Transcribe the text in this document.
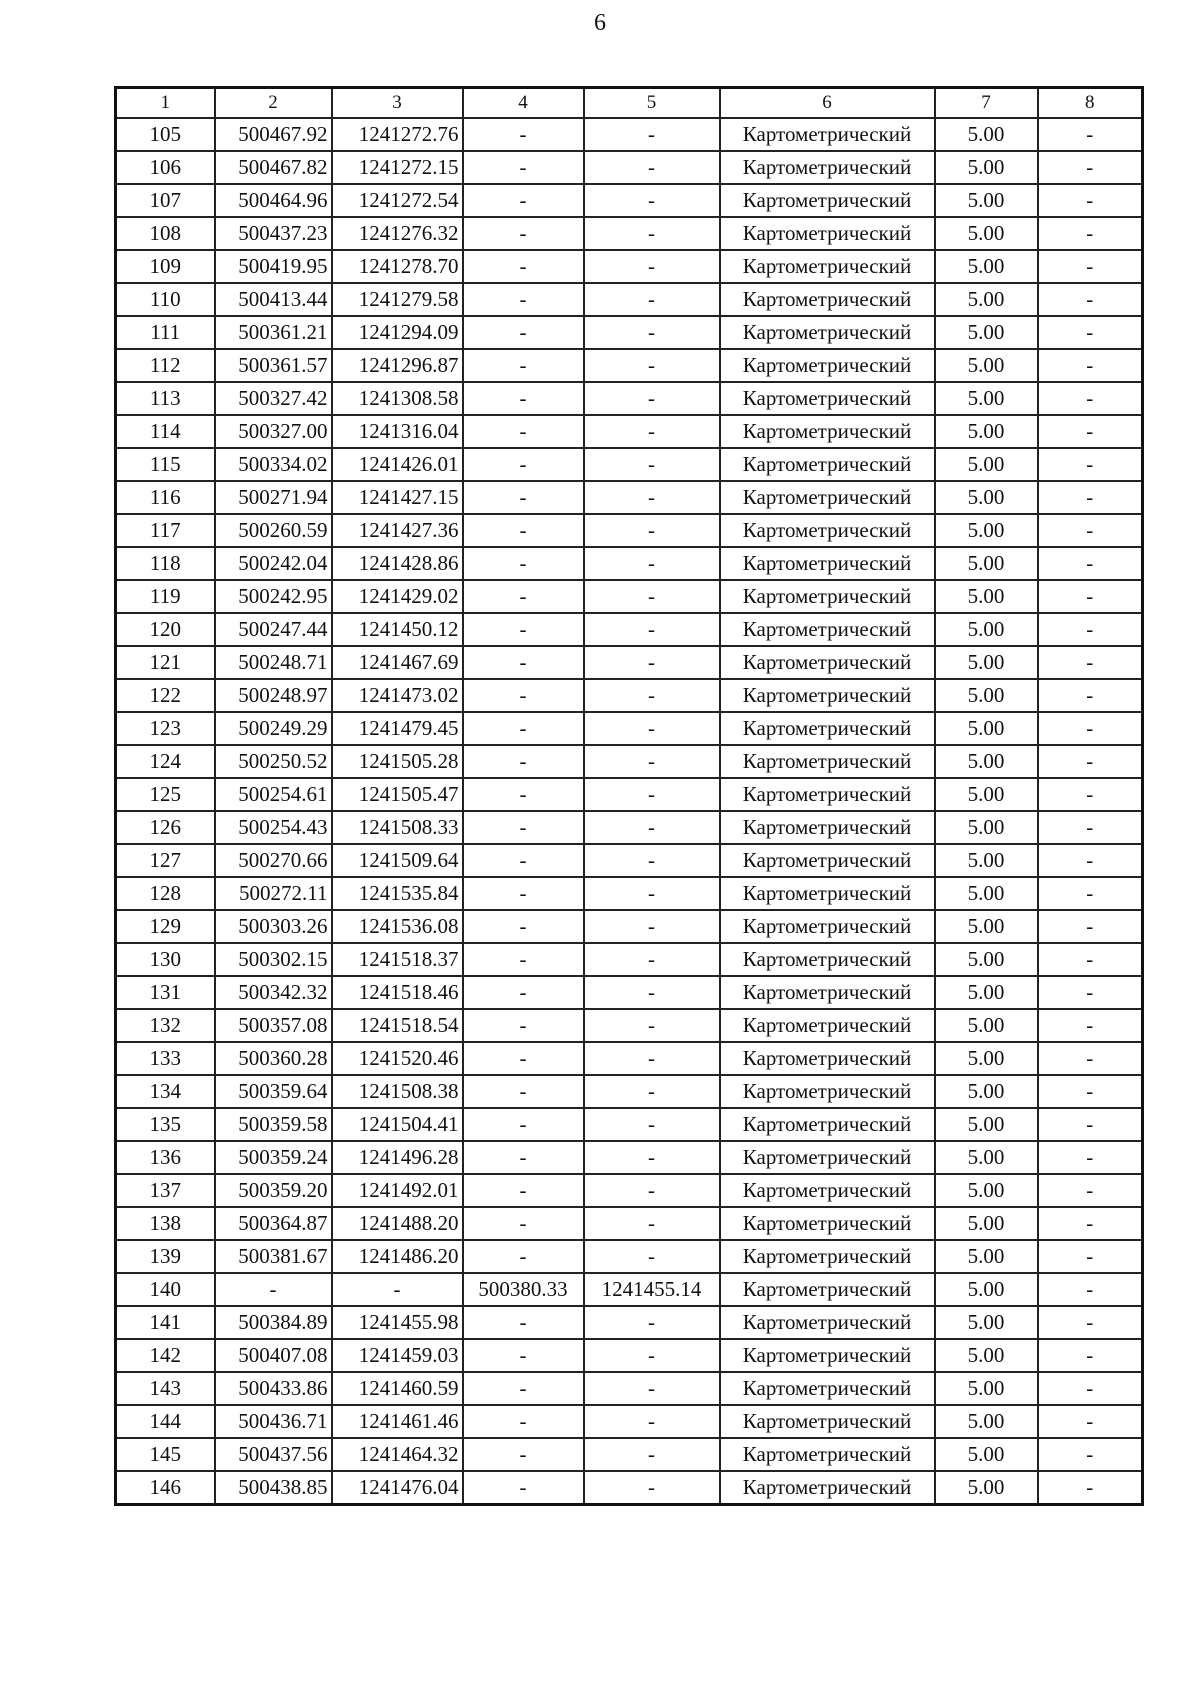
6
1	2	3	4	5	6	7	8
105	500467.92	1241272.76	-	-	Картометрический	5.00	-
106	500467.82	1241272.15	-	-	Картометрический	5.00	-
107	500464.96	1241272.54	-	-	Картометрический	5.00	-
108	500437.23	1241276.32	-	-	Картометрический	5.00	-
109	500419.95	1241278.70	-	-	Картометрический	5.00	-
110	500413.44	1241279.58	-	-	Картометрический	5.00	-
111	500361.21	1241294.09	-	-	Картометрический	5.00	-
112	500361.57	1241296.87	-	-	Картометрический	5.00	-
113	500327.42	1241308.58	-	-	Картометрический	5.00	-
114	500327.00	1241316.04	-	-	Картометрический	5.00	-
115	500334.02	1241426.01	-	-	Картометрический	5.00	-
116	500271.94	1241427.15	-	-	Картометрический	5.00	-
117	500260.59	1241427.36	-	-	Картометрический	5.00	-
118	500242.04	1241428.86	-	-	Картометрический	5.00	-
119	500242.95	1241429.02	-	-	Картометрический	5.00	-
120	500247.44	1241450.12	-	-	Картометрический	5.00	-
121	500248.71	1241467.69	-	-	Картометрический	5.00	-
122	500248.97	1241473.02	-	-	Картометрический	5.00	-
123	500249.29	1241479.45	-	-	Картометрический	5.00	-
124	500250.52	1241505.28	-	-	Картометрический	5.00	-
125	500254.61	1241505.47	-	-	Картометрический	5.00	-
126	500254.43	1241508.33	-	-	Картометрический	5.00	-
127	500270.66	1241509.64	-	-	Картометрический	5.00	-
128	500272.11	1241535.84	-	-	Картометрический	5.00	-
129	500303.26	1241536.08	-	-	Картометрический	5.00	-
130	500302.15	1241518.37	-	-	Картометрический	5.00	-
131	500342.32	1241518.46	-	-	Картометрический	5.00	-
132	500357.08	1241518.54	-	-	Картометрический	5.00	-
133	500360.28	1241520.46	-	-	Картометрический	5.00	-
134	500359.64	1241508.38	-	-	Картометрический	5.00	-
135	500359.58	1241504.41	-	-	Картометрический	5.00	-
136	500359.24	1241496.28	-	-	Картометрический	5.00	-
137	500359.20	1241492.01	-	-	Картометрический	5.00	-
138	500364.87	1241488.20	-	-	Картометрический	5.00	-
139	500381.67	1241486.20	-	-	Картометрический	5.00	-
140	-	-	500380.33	1241455.14	Картометрический	5.00	-
141	500384.89	1241455.98	-	-	Картометрический	5.00	-
142	500407.08	1241459.03	-	-	Картометрический	5.00	-
143	500433.86	1241460.59	-	-	Картометрический	5.00	-
144	500436.71	1241461.46	-	-	Картометрический	5.00	-
145	500437.56	1241464.32	-	-	Картометрический	5.00	-
146	500438.85	1241476.04	-	-	Картометрический	5.00	-
